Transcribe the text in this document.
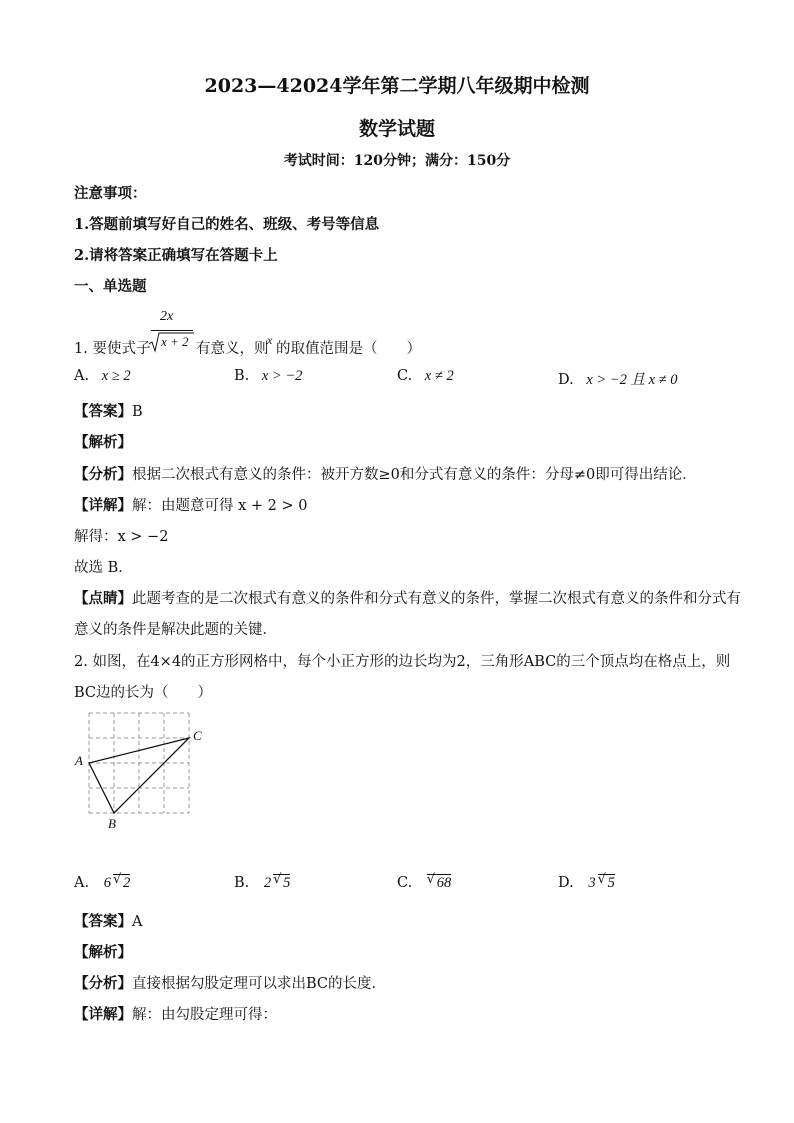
2023—42024学年第二学期八年级期中检测
数学试题
考试时间：120分钟；满分：150分
注意事项：
1.答题前填写好自己的姓名、班级、考号等信息
2.请将答案正确填写在答题卡上
一、单选题
1. 要使式子
2x
x + 2 有意义，则
x
的取值范围是（　　）
A. x ≥ 2	B. x > −2	C. x ≠ 2	D. x > −2 且 x ≠ 0
【答案】B
【解析】
【分析】根据二次根式有意义的条件：被开方数≥0和分式有意义的条件：分母≠0即可得出结论．
【详解】解：由题意可得 x + 2 > 0
解得：x > −2
故选 B．
【点睛】此题考查的是二次根式有意义的条件和分式有意义的条件，掌握二次根式有意义的条件和分式有
意义的条件是解决此题的关键．
2. 如图，在4×4的正方形网格中，每个小正方形的边长均为2，三角形ABC的三个顶点均在格点上，则
BC边的长为（　　）
A
B
C
A. 6 √ 2	B. 2 √ 5	C. √ 68	D. 3 √ 5
【答案】A
【解析】
【分析】直接根据勾股定理可以求出BC的长度．
【详解】解：由勾股定理可得：
